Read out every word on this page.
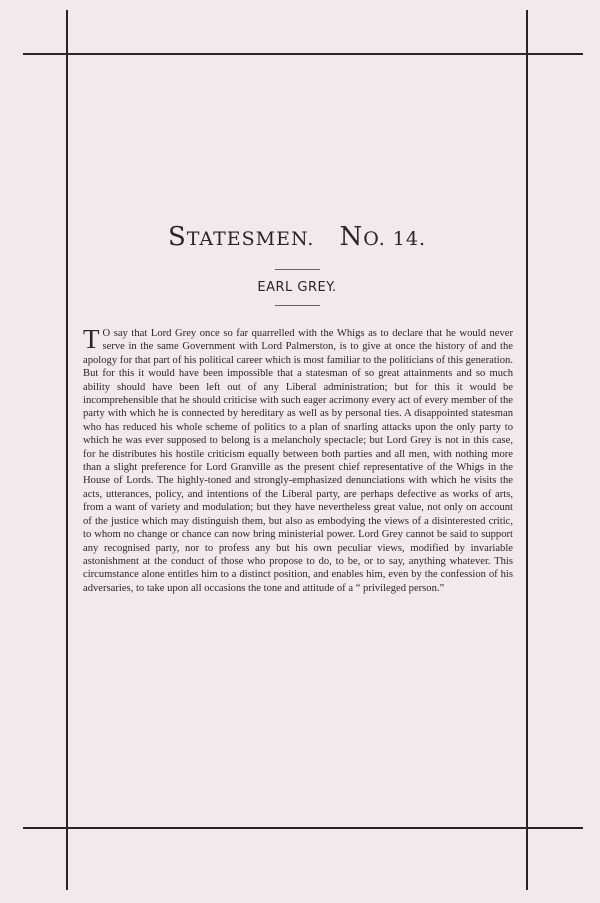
STATESMEN. NO. 14.
EARL GREY.

T O say that Lord Grey once so far quarrelled with the Whigs as to declare that he would never serve in the same Government with Lord Palmerston, is to give at once the history of and the apology for that part of his political career which is most familiar to the politicians of this generation. But for this it would have been impossible that a statesman of so great attainments and so much ability should have been left out of any Liberal administration; but for this it would be incomprehensible that he should criticise with such eager acrimony every act of every member of the party with which he is connected by hereditary as well as by personal ties. A disappointed statesman who has reduced his whole scheme of politics to a plan of snarling attacks upon the only party to which he was ever supposed to belong is a melancholy spectacle; but Lord Grey is not in this case, for he distributes his hostile criticism equally between both parties and all men, with nothing more than a slight preference for Lord Granville as the present chief representative of the Whigs in the House of Lords. The highly-toned and strongly-emphasized denunciations with which he visits the acts, utterances, policy, and intentions of the Liberal party, are perhaps defective as works of arts, from a want of variety and modulation; but they have nevertheless great value, not only on account of the justice which may distinguish them, but also as embodying the views of a disinterested critic, to whom no change or chance can now bring ministerial power. Lord Grey cannot be said to support any recognised party, nor to profess any but his own peculiar views, modified by invariable astonishment at the conduct of those who propose to do, to be, or to say, anything whatever. This circumstance alone entitles him to a distinct position, and enables him, even by the confession of his adversaries, to take upon all occasions the tone and attitude of a “ privileged person.”
